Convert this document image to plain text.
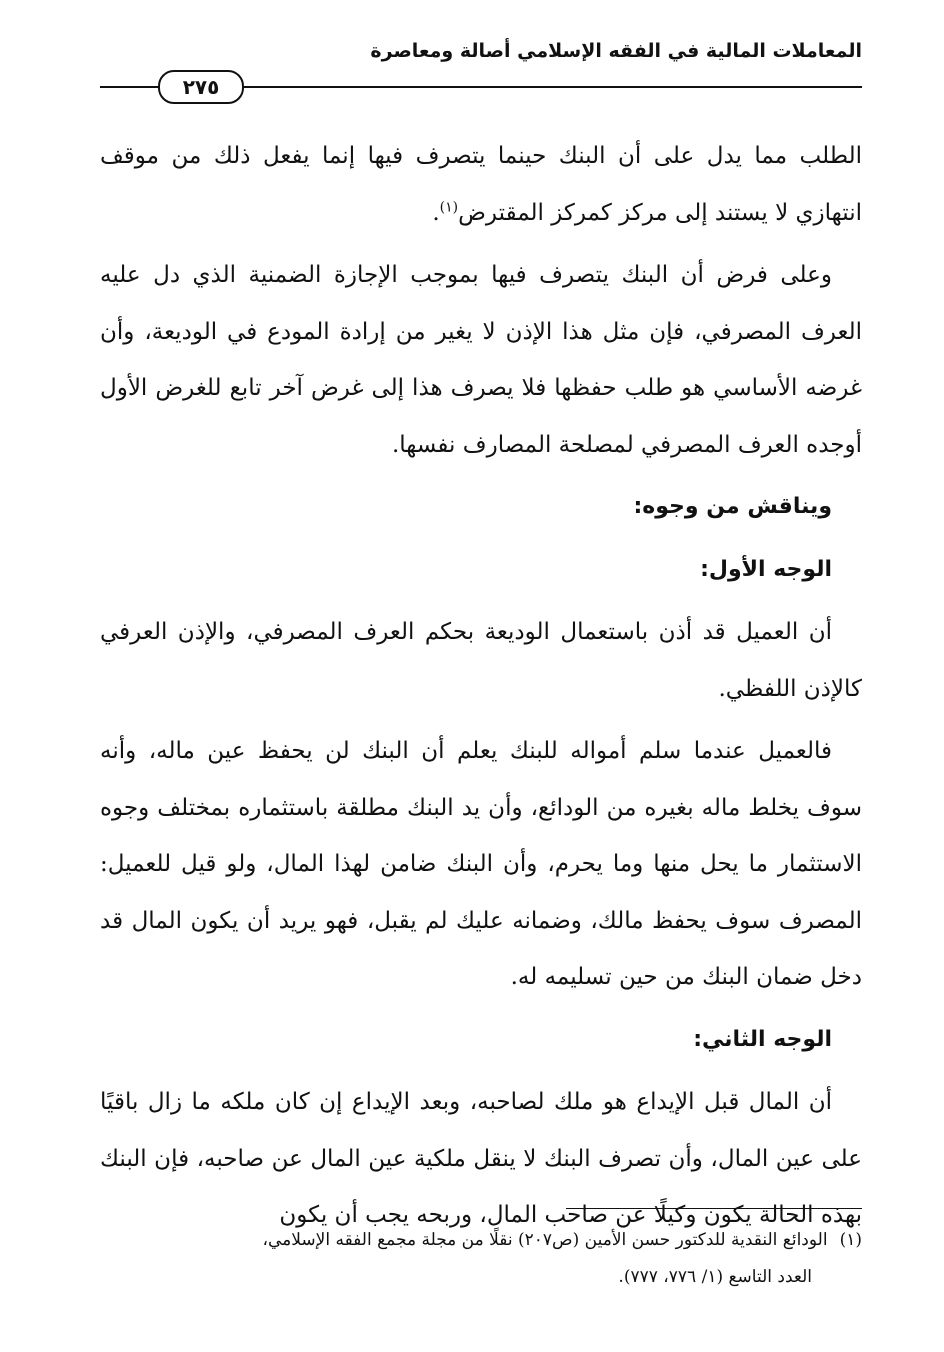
المعاملات المالية في الفقه الإسلامي أصالة ومعاصرة
٢٧٥

الطلب مما يدل على أن البنك حينما يتصرف فيها إنما يفعل ذلك من موقف انتهازي لا يستند إلى مركز كمركز المقترض$^{(١)}$.

وعلى فرض أن البنك يتصرف فيها بموجب الإجازة الضمنية الذي دل عليه العرف المصرفي، فإن مثل هذا الإذن لا يغير من إرادة المودع في الوديعة، وأن غرضه الأساسي هو طلب حفظها فلا يصرف هذا إلى غرض آخر تابع للغرض الأول أوجده العرف المصرفي لمصلحة المصارف نفسها.

ويناقش من وجوه:

الوجه الأول:

أن العميل قد أذن باستعمال الوديعة بحكم العرف المصرفي، والإذن العرفي كالإذن اللفظي.

فالعميل عندما سلم أمواله للبنك يعلم أن البنك لن يحفظ عين ماله، وأنه سوف يخلط ماله بغيره من الودائع، وأن يد البنك مطلقة باستثماره بمختلف وجوه الاستثمار ما يحل منها وما يحرم، وأن البنك ضامن لهذا المال، ولو قيل للعميل: المصرف سوف يحفظ مالك، وضمانه عليك لم يقبل، فهو يريد أن يكون المال قد دخل ضمان البنك من حين تسليمه له.

الوجه الثاني:

أن المال قبل الإيداع هو ملك لصاحبه، وبعد الإيداع إن كان ملكه ما زال باقيًا على عين المال، وأن تصرف البنك لا ينقل ملكية عين المال عن صاحبه، فإن البنك بهذه الحالة يكون وكيلًا عن صاحب المال، وربحه يجب أن يكون

(١)الودائع النقدية للدكتور حسن الأمين (ص٢٠٧) نقلًا من مجلة مجمع الفقه الإسلامي،
العدد التاسع (١/ ٧٧٦، ٧٧٧).
